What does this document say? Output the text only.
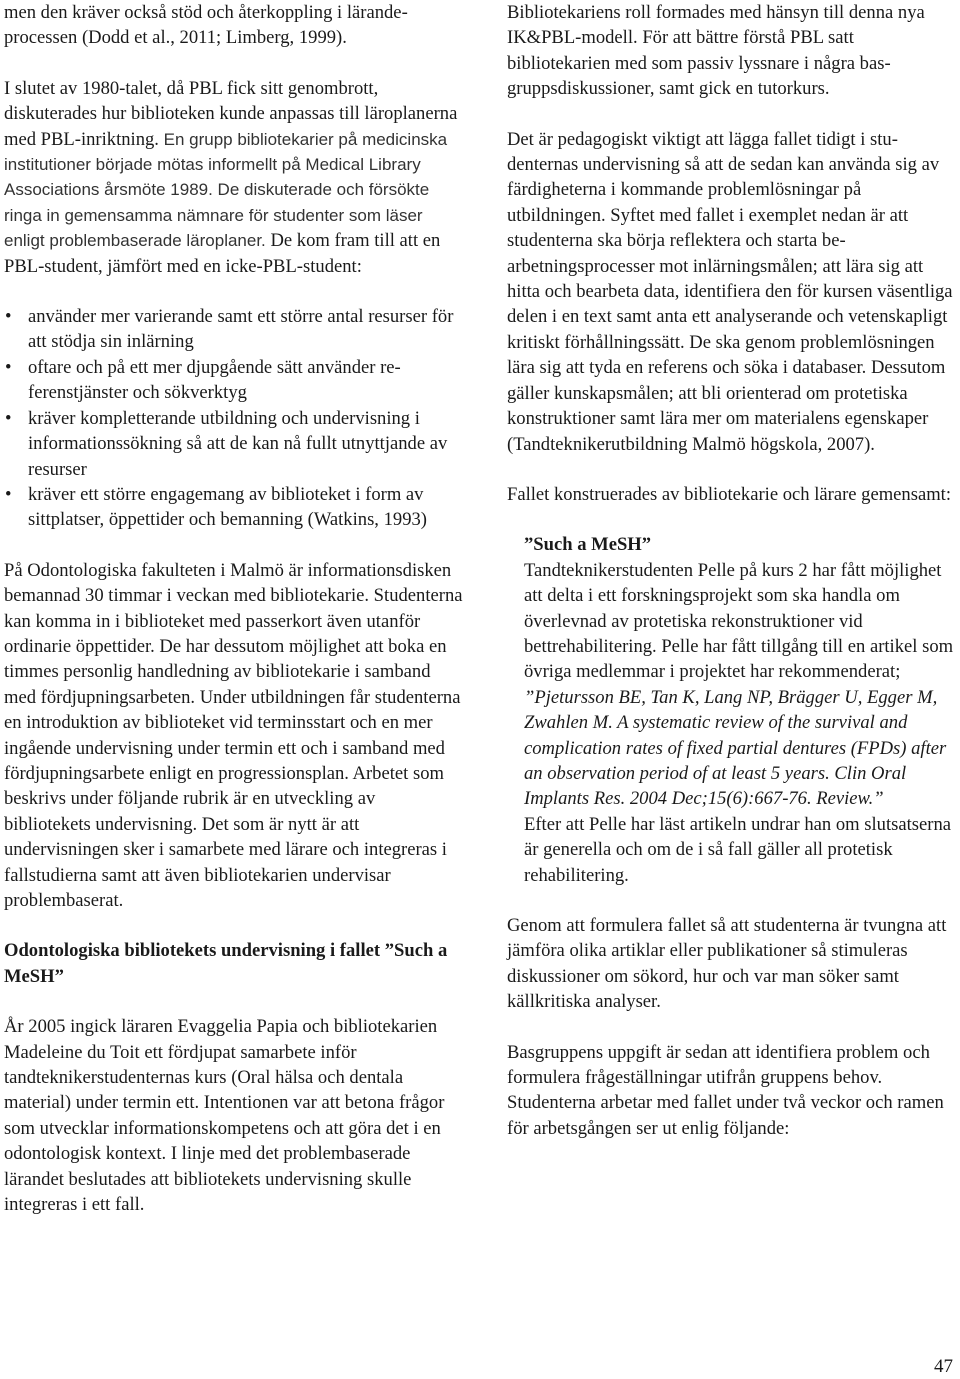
men den kräver också stöd och återkoppling i lärandeprocessen (Dodd et al., 2011; Limberg, 1999).

I slutet av 1980-talet, då PBL fick sitt genombrott, diskuterades hur biblioteken kunde anpassas till läroplanerna med PBL-inriktning. En grupp bibliotekarier på medicinska institutioner började mötas informellt på Medical Library Associations årsmöte 1989. De diskuterade och försökte ringa in gemensamma nämnare för studenter som läser enligt problembaserade läroplaner. De kom fram till att en PBL-student, jämfört med en icke-PBL-student:

• använder mer varierande samt ett större antal resurser för att stödja sin inlärning
• oftare och på ett mer djupgående sätt använder referenstjänster och sökverktyg
• kräver kompletterande utbildning och undervisning i informationssökning så att de kan nå fullt utnyttjande av resurser
• kräver ett större engagemang av biblioteket i form av sittplatser, öppettider och bemanning (Watkins, 1993)

På Odontologiska fakulteten i Malmö är informationsdisken bemannad 30 timmar i veckan med bibliotekarie. Studenterna kan komma in i biblioteket med passerkort även utanför ordinarie öppettider. De har dessutom möjlighet att boka en timmes personlig handledning av bibliotekarie i samband med fördjupningsarbeten. Under utbildningen får studenterna en introduktion av biblioteket vid terminsstart och en mer ingående undervisning under termin ett och i samband med fördjupningsarbete enligt en progressionsplan. Arbetet som beskrivs under följande rubrik är en utveckling av bibliotekets undervisning. Det som är nytt är att undervisningen sker i samarbete med lärare och integreras i fallstudierna samt att även bibliotekarien undervisar problembaserat.

Odontologiska bibliotekets undervisning i fallet ”Such a MeSH”

År 2005 ingick läraren Evaggelia Papia och bibliotekarien Madeleine du Toit ett fördjupat samarbete inför tandteknikerstudenternas kurs (Oral hälsa och dentala material) under termin ett. Intentionen var att betona frågor som utvecklar informationskompetens och att göra det i en odontologisk kontext. I linje med det problembaserade lärandet beslutades att bibliotekets undervisning skulle integreras i ett fall.

Bibliotekariens roll formades med hänsyn till denna nya IK&PBL-modell. För att bättre förstå PBL satt bibliotekarien med som passiv lyssnare i några basgruppsdiskussioner, samt gick en tutorkurs.

Det är pedagogiskt viktigt att lägga fallet tidigt i studenternas undervisning så att de sedan kan använda sig av färdigheterna i kommande problemlösningar på utbildningen. Syftet med fallet i exemplet nedan är att studenterna ska börja reflektera och starta bearbetningsprocesser mot inlärningsmålen; att lära sig att hitta och bearbeta data, identifiera den för kursen väsentliga delen i en text samt anta ett analyserande och vetenskapligt kritiskt förhållningssätt. De ska genom problemlösningen lära sig att tyda en referens och söka i databaser. Dessutom gäller kunskapsmålen; att bli orienterad om protetiska konstruktioner samt lära mer om materialens egenskaper (Tandteknikerutbildning Malmö högskola, 2007).

Fallet konstruerades av bibliotekarie och lärare gemensamt:

”Such a MeSH”

Tandteknikerstudenten Pelle på kurs 2 har fått möjlighet att delta i ett forskningsprojekt som ska handla om överlevnad av protetiska rekonstruktioner vid bettrehabilitering. Pelle har fått tillgång till en artikel som övriga medlemmar i projektet har rekommenderat;

”Pjetursson BE, Tan K, Lang NP, Brägger U, Egger M, Zwahlen M. A systematic review of the survival and complication rates of fixed partial dentures (FPDs) after an observation period of at least 5 years. Clin Oral Implants Res. 2004 Dec;15(6):667-76. Review.”

Efter att Pelle har läst artikeln undrar han om slutsatserna är generella och om de i så fall gäller all protetisk rehabilitering.

Genom att formulera fallet så att studenterna är tvungna att jämföra olika artiklar eller publikationer så stimuleras diskussioner om sökord, hur och var man söker samt källkritiska analyser.

Basgruppens uppgift är sedan att identifiera problem och formulera frågeställningar utifrån gruppens behov. Studenterna arbetar med fallet under två veckor och ramen för arbetsgången ser ut enlig följande:

47
